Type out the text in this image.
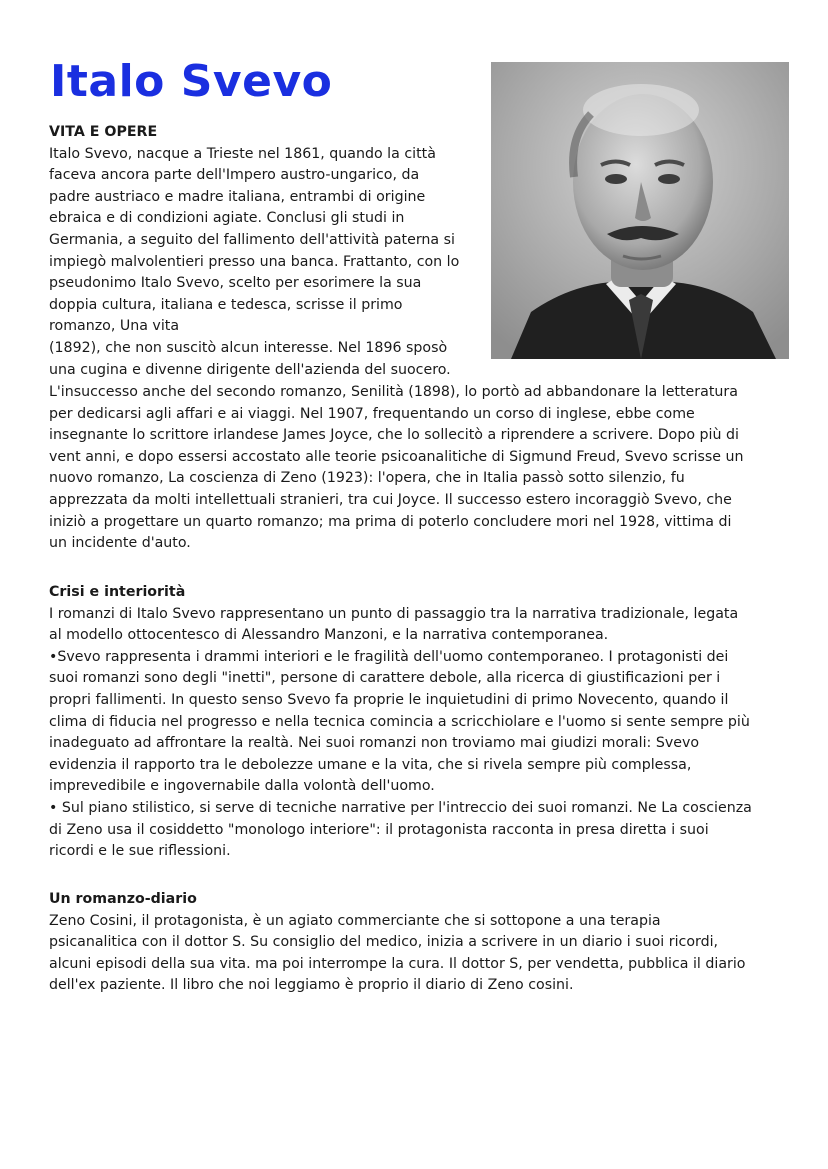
Italo Svevo
VITA E OPERE
Italo Svevo, nacque a Trieste nel 1861, quando la città
faceva ancora parte dell'Impero austro-ungarico, da
padre austriaco e madre italiana, entrambi di origine
ebraica e di condizioni agiate. Conclusi gli studi in
Germania, a seguito del fallimento dell'attività paterna si
impiegò malvolentieri presso una banca. Frattanto, con lo
pseudonimo Italo Svevo, scelto per esorimere la sua
doppia cultura, italiana e tedesca, scrisse il primo
romanzo, Una vita
(1892), che non suscitò alcun interesse. Nel 1896 sposò
una cugina e divenne dirigente dell'azienda del suocero.
L'insuccesso anche del secondo romanzo, Senilità (1898), lo portò ad abbandonare la letteratura
per dedicarsi agli affari e ai viaggi. Nel 1907, frequentando un corso di inglese, ebbe come
insegnante lo scrittore irlandese James Joyce, che lo sollecitò a riprendere a scrivere. Dopo più di
vent anni, e dopo essersi accostato alle teorie psicoanalitiche di Sigmund Freud, Svevo scrisse un
nuovo romanzo, La coscienza di Zeno (1923): l'opera, che in Italia passò sotto silenzio, fu
apprezzata da molti intellettuali stranieri, tra cui Joyce. Il successo estero incoraggiò Svevo, che
iniziò a progettare un quarto romanzo; ma prima di poterlo concludere mori nel 1928, vittima di
un incidente d'auto.
Crisi e interiorità
I romanzi di Italo Svevo rappresentano un punto di passaggio tra la narrativa tradizionale, legata
al modello ottocentesco di Alessandro Manzoni, e la narrativa contemporanea.
•Svevo rappresenta i drammi interiori e le fragilità dell'uomo contemporaneo. I protagonisti dei
suoi romanzi sono degli "inetti", persone di carattere debole, alla ricerca di giustificazioni per i
propri fallimenti. In questo senso Svevo fa proprie le inquietudini di primo Novecento, quando il
clima di fiducia nel progresso e nella tecnica comincia a scricchiolare e l'uomo si sente sempre più
inadeguato ad affrontare la realtà. Nei suoi romanzi non troviamo mai giudizi morali: Svevo
evidenzia il rapporto tra le debolezze umane e la vita, che si rivela sempre più complessa,
imprevedibile e ingovernabile dalla volontà dell'uomo.
• Sul piano stilistico, si serve di tecniche narrative per l'intreccio dei suoi romanzi. Ne La coscienza
di Zeno usa il cosiddetto "monologo interiore": il protagonista racconta in presa diretta i suoi
ricordi e le sue riflessioni.
Un romanzo-diario
Zeno Cosini, il protagonista, è un agiato commerciante che si sottopone a una terapia
psicanalitica con il dottor S. Su consiglio del medico, inizia a scrivere in un diario i suoi ricordi,
alcuni episodi della sua vita. ma poi interrompe la cura. Il dottor S, per vendetta, pubblica il diario
dell'ex paziente. Il libro che noi leggiamo è proprio il diario di Zeno cosini.
